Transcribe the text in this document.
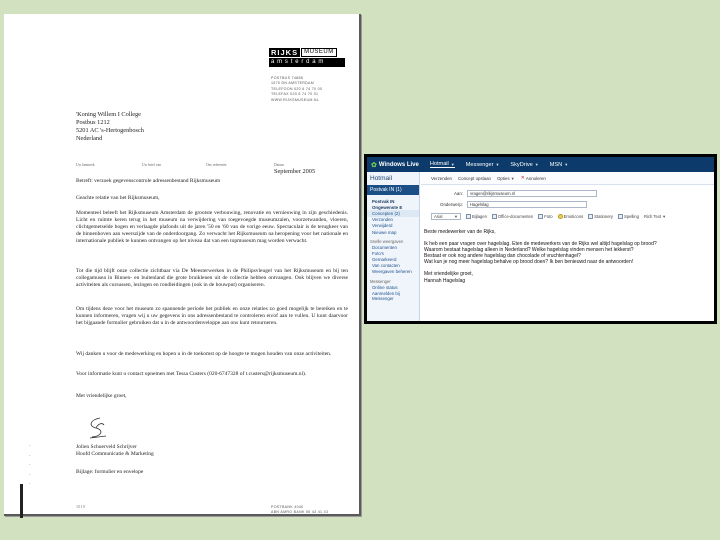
RIJKS	MUSEUM
amsterdam
POSTBUS 74888
1070 DN AMSTERDAM
TELEFOON 020 6 74 70 00
TELEFAX 020 6 74 70 01
WWW.RIJKSMUSEUM.NL
'Koning Willem I College
Postbus 1212
5201 AC 's-Hertogenbosch
Nederland
Uw kenmerk	Uw brief van	Ons referentie	Datum
September 2005
Betreft: verzoek gegevenscontrole adressenbestand Rijksmuseum
Geachte relatie van het Rijksmuseum,
Momenteel beleeft het Rijksmuseum Amsterdam de grootste verbouwing, renovatie en vernieuwing in zijn geschiedenis. Licht en ruimte keren terug in het museum na verwijdering van toegevoegde museumzalen, voorzetwanden, vloeren, clichtgemetselde bogen en verlaagde plafonds uit de jaren '50 en '60 van de vorige eeuw. Spectaculair is de terugkeer van de binnenhoven aan weerszijde van de onderdoorgang. Zo verwacht het Rijksmuseum na heropening voor het nationale en internationale publiek te kunnen ontvangen op het niveau dat van een topmuseum mag worden verwacht.
Tot die tijd blijft onze collectie zichtbaar via De Meesterwerken in de Philipsvleugel van het Rijksmuseum en bij ten collegamusea in Binnen- en buitenland die grote bruiklenen uit de collectie hebben ontvangen. Ook blijven we diverse activiteiten als cursussen, lezingen en rondleidingen (ook in de bouwput) organiseren.
Om tijdens deze voor het museum zo spannende periode het publiek en onze relaties zo goed mogelijk te bereiken en te kunnen informeren, vragen wij u uw gegevens in ons adressenbestand te controleren en/of aan te vullen. U kunt daarvoor het bijgaande formulier gebruiken dat u in de antwoordenveloppe aan ons kunt retourneren.
Wij danken u voor de medewerking en hopen u in de toekomst op de hoogte te mogen houden van onze activiteiten.
Voor informatie kunt u contact opnemen met Tessa Custers (020-6747328 of t.custers@rijksmuseum.nl).
Met vriendelijke groet,
Jolien Schuerveld Schrijver
Hoofd Communicatie & Marketing
Bijlage: formulier en envelope
·
·
·
·
·
1010	POSTBANK 4040
ABN AMRO BANK 55 43 41 43
✿ Windows Live Hotmail ▼ Messenger ▼ SkyDrive ▼ MSN ▼
Hotmail
Postvak IN (1)
Postvak IN
Ongewenste E
Concepten (2)
Verzonden
Verwijderd
Nieuwe map
Snelle weergaven
Documenten
Foto's
Gemarkeerd
Van contacten
Weergaven beheren
Messenger
Online status
Aanmelden bij Messenger
Verzenden Concept opslaan Opties ▼ ✕ Annuleren
Aan:	vragen@rikjsmuseum.nl
Onderwerp:	Hagelslag
Arial	▼	Bijlagen	Office-documenten	Foto	Emoticons	Stationery	Spelling Rich Text ▼

Beste medewerker van de Rijks,

Ik heb een paar vragen over hagelslag. Eten de medewerkers van de Rijks wel altijd hagelslag op brood?

Waarom bestaat hagelslag alleen in Nederland? Welke hagelslag vinden mensen het lekkerst?

Bestaat er ook nog andere hagelslag dan chocolade of vruchtenhagel?

Wat kun je nog meer hagelslag behalve op brood doen? Ik ben benieuwd naar de antwoorden!

Met vriendelijke groet,

Hannah Hagelslag
